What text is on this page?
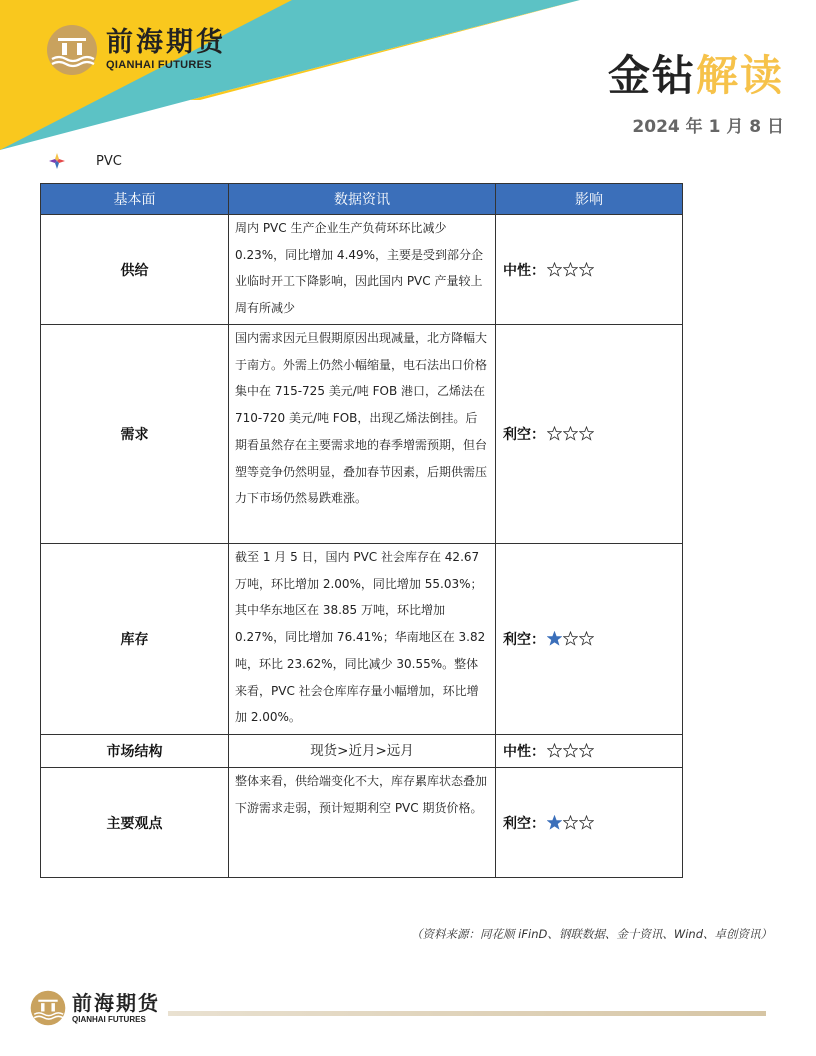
前海期货
QIANHAI FUTURES	金钻解读
2024 年 1 月 8 日
PVC
基本面	数据资讯	影响
供给	周内 PVC 生产企业生产负荷环环比减少 0.23%，同比增加 4.49%，主要是受到部分企业临时开工下降影响，因此国内 PVC 产量较上周有所减少	中性：

需求	国内需求因元旦假期原因出现减量，北方降幅大于南方。外需上仍然小幅缩量，电石法出口价格集中在 715-725 美元/吨 FOB 港口，乙烯法在 710-720 美元/吨 FOB，出现乙烯法倒挂。后期看虽然存在主要需求地的春季增需预期，但台塑等竞争仍然明显，叠加春节因素，后期供需压力下市场仍然易跌难涨。	利空：

库存	截至 1 月 5 日，国内 PVC 社会库存在 42.67 万吨，环比增加 2.00%，同比增加 55.03%；其中华东地区在 38.85 万吨，环比增加 0.27%，同比增加 76.41%；华南地区在 3.82 吨，环比 23.62%，同比减少 30.55%。整体来看，PVC 社会仓库库存量小幅增加，环比增加 2.00%。	利空：

市场结构	现货>近月>远月	中性：

主要观点	整体来看，供给端变化不大，库存累库状态叠加下游需求走弱，预计短期利空 PVC 期货价格。	利空：
（资料来源：同花顺 iFinD、钢联数据、金十资讯、Wind、卓创资讯）
前海期货
QIANHAI FUTURES
